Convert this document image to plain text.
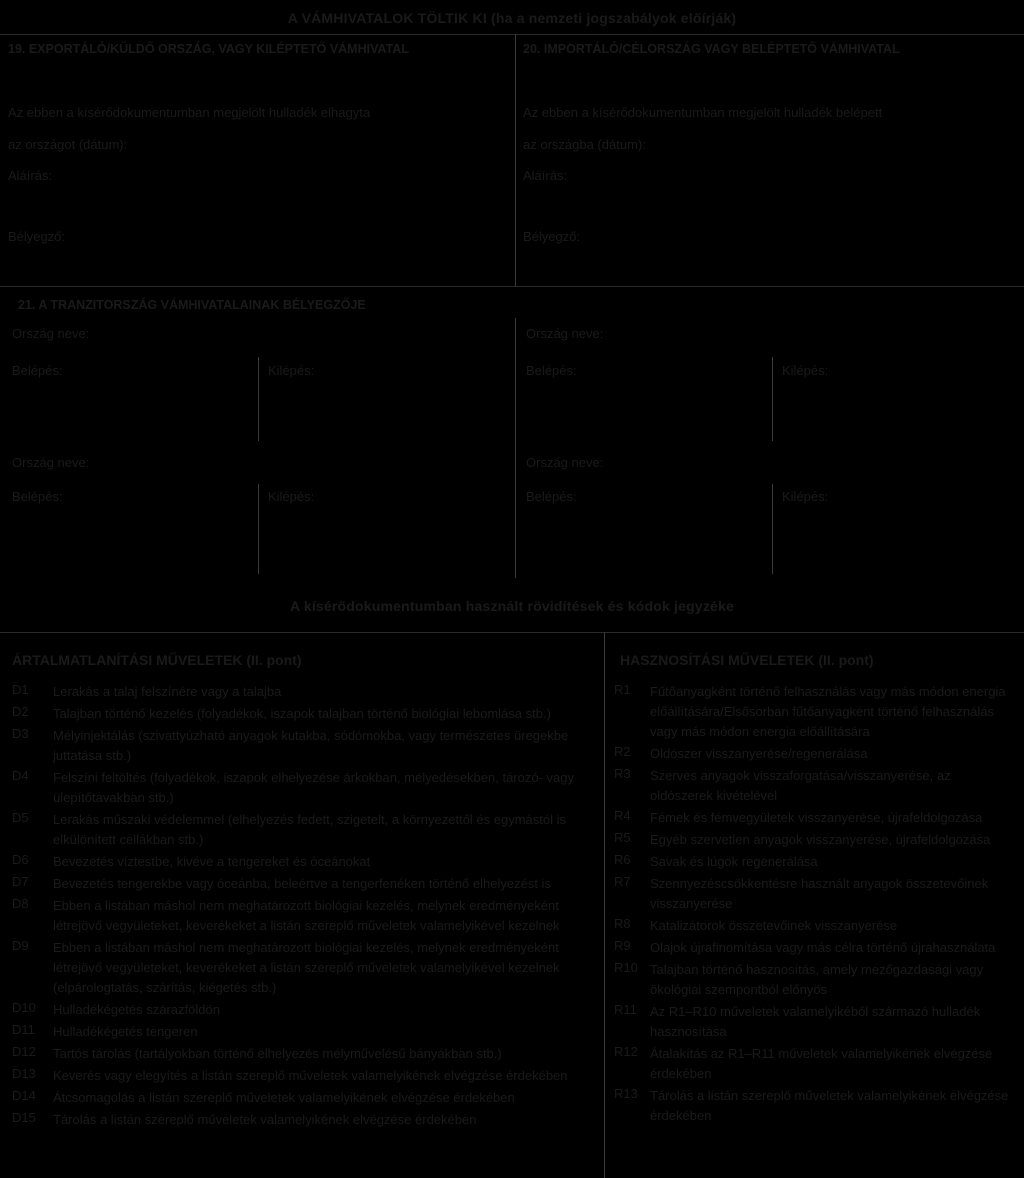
A VÁMHIVATALOK TÖLTIK KI (ha a nemzeti jogszabályok előírják)
19. EXPORTÁLÓ/KÜLDŐ ORSZÁG, VAGY KILÉPTETŐ VÁMHIVATAL
Az ebben a kísérődokumentumban megjelölt hulladék elhagyta
az országot (dátum):
Aláírás:
Bélyegző:
20. IMPORTÁLÓ/CÉLORSZÁG VAGY BELÉPTETŐ VÁMHIVATAL
Az ebben a kísérődokumentumban megjelölt hulladék belépett
az országba (dátum):
Aláírás:
Bélyegző:
21. A TRANZITORSZÁG VÁMHIVATALAINAK BÉLYEGZŐJE
Ország neve:
Belépés:	Kilépés:
Ország neve:
Belépés:	Kilépés:
Ország neve:
Belépés:	Kilépés:
Ország neve:
Belépés:	Kilépés:
A kísérődokumentumban használt rövidítések és kódok jegyzéke
ÁRTALMATLANÍTÁSI MŰVELETEK (II. pont)
D1 Lerakás a talaj felszínére vagy a talajba
D2 Talajban történő kezelés (folyadékok, iszapok talajban történő biológiai lebomlása stb.)
D3 Mélyinjektálás (szivattyúzható anyagok kutakba, sódómokba, vagy természetes üregekbe juttatása stb.)
D4 Felszíni feltöltés (folyadékok, iszapok elhelyezése árkokban, mélyedésekben, tározó- vagy ülepítőtavakban stb.)
D5 Lerakás műszaki védelemmel (elhelyezés fedett, szigetelt, a környezettől és egymástól is elkülönített cellákban stb.)
D6 Bevezetés víztestbe, kivéve a tengereket és óceánokat
D7 Bevezetés tengerekbe vagy óceánba, beleértve a tengerfenéken történő elhelyezést is
D8 Ebben a listában máshol nem meghatározott biológiai kezelés, melynek eredményeként létrejövő vegyületeket, keverékeket a listán szereplő műveletek valamelyikével kezelnek
D9 Ebben a listában máshol nem meghatározott biológiai kezelés, melynek eredményeként létrejövő vegyületeket, keverékeket a listán szereplő műveletek valamelyikével kezelnek (elpárologtatás, szárítás, kiégetés stb.)
D10 Hulladékégetés szárazföldön
D11 Hulladékégetés tengeren
D12 Tartós tárolás (tartályokban történő elhelyezés mélyművelésű bányákban stb.)
D13 Keverés vagy elegyítés a listán szereplő műveletek valamelyikének elvégzése érdekében
D14 Átcsomagolás a listán szereplő műveletek valamelyikének elvégzése érdekében
D15 Tárolás a listán szereplő műveletek valamelyikének elvégzése érdekében
HASZNOSÍTÁSI MŰVELETEK (II. pont)
R1 Fűtőanyagként történő felhasználás vagy más módon energia előállítására/Elsősorban fűtőanyagként történő felhasználás vagy más módon energia előállítására
R2 Oldószer visszanyerése/regenerálása
R3 Szerves anyagok visszaforgatása/visszanyerése, az oldószerek kivételével
R4 Fémek és fémvegyületek visszanyerése, újrafeldolgozása
R5 Egyéb szervetlen anyagok visszanyerése, újrafeldolgozása
R6 Savak és lúgok regenerálása
R7 Szennyezéscsökkentésre használt anyagok összetevőinek visszanyerése
R8 Katalizátorok összetevőinek visszanyerése
R9 Olajok újrafinomítása vagy más célra történő újrahasználata
R10 Talajban történő hasznosítás, amely mezőgazdasági vagy ökológiai szempontból előnyös
R11 Az R1–R10 műveletek valamelyikéből származó hulladék hasznosítása
R12 Átalakítás az R1–R11 műveletek valamelyikének elvégzése érdekében
R13 Tárolás a listán szereplő műveletek valamelyikének elvégzése érdekében
